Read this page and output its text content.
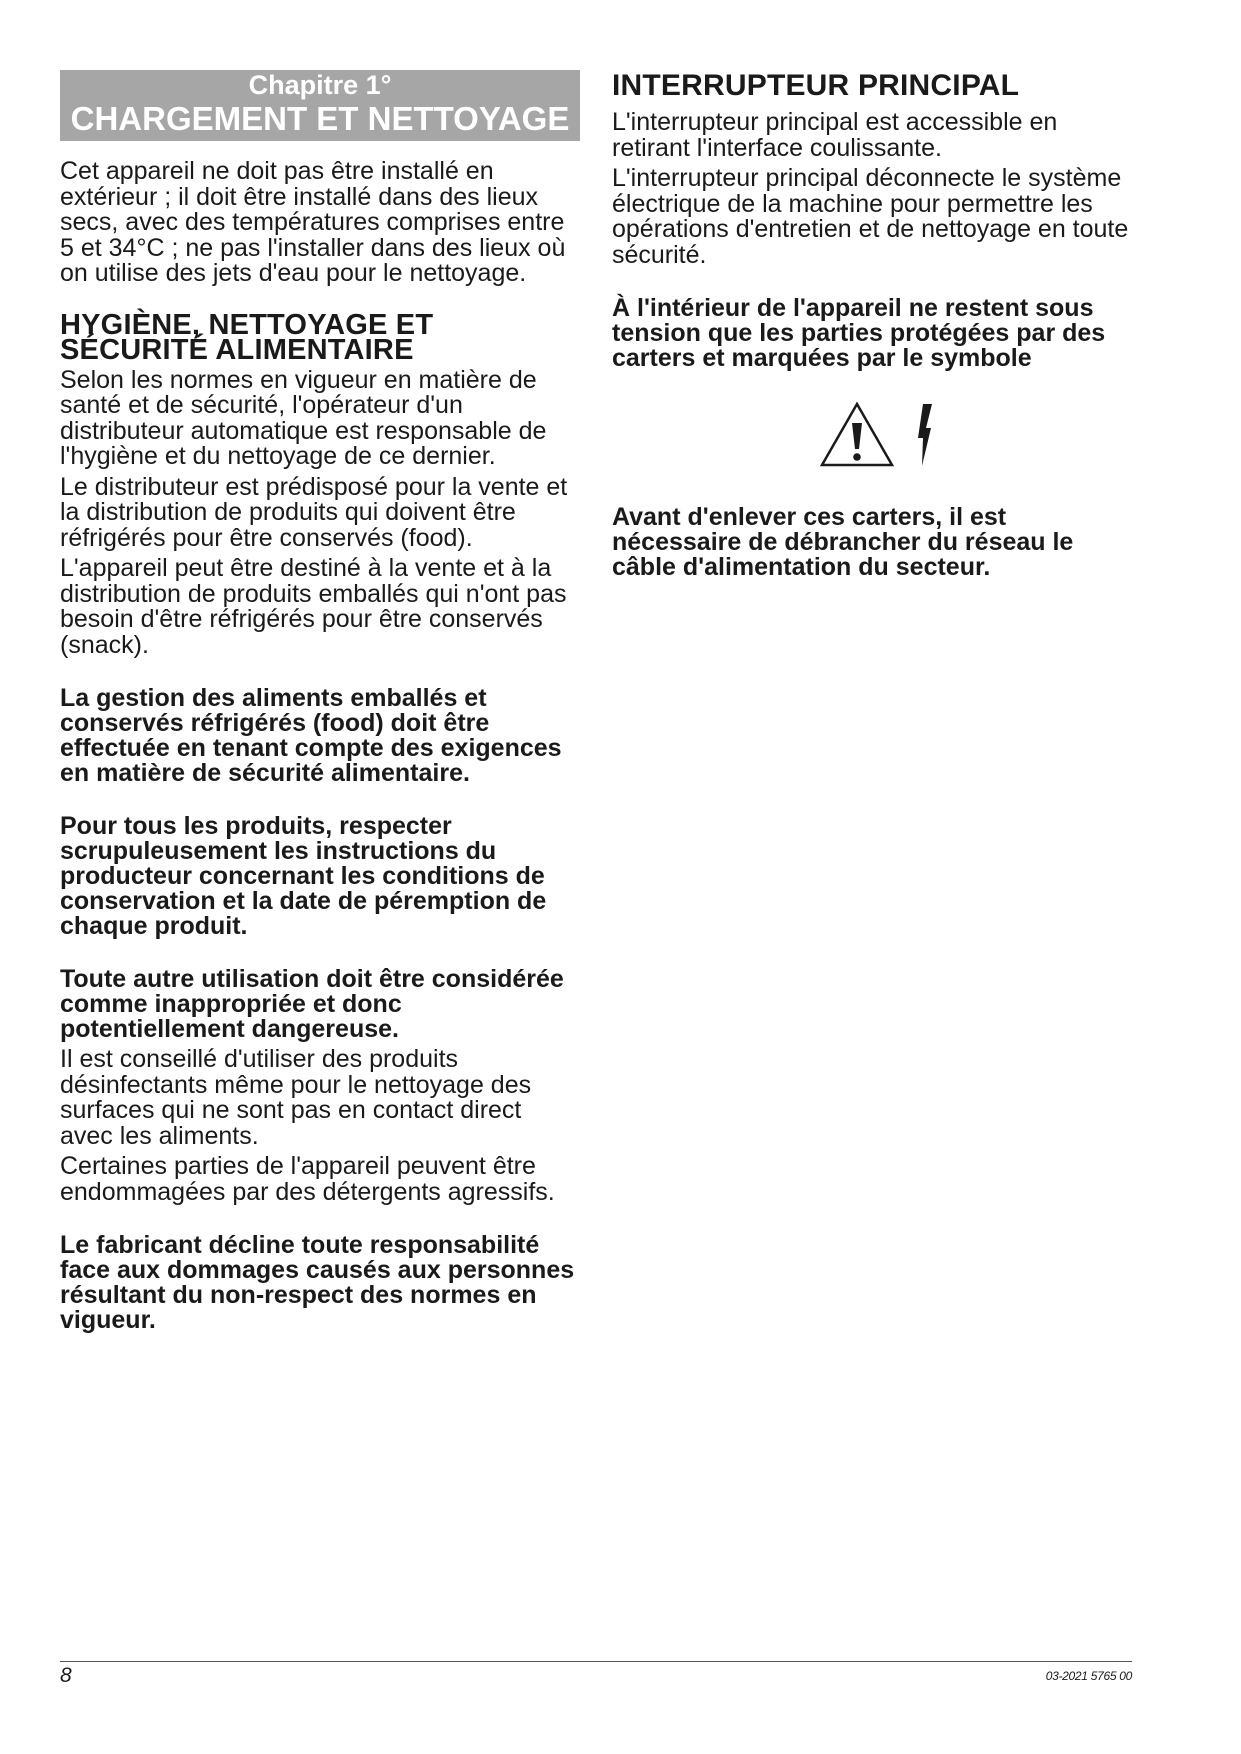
Chapitre 1°
CHARGEMENT ET NETTOYAGE

Cet appareil ne doit pas être installé en extérieur ; il doit être installé dans des lieux secs, avec des températures comprises entre 5 et 34°C ; ne pas l'installer dans des lieux où on utilise des jets d'eau pour le nettoyage.

HYGIÈNE, NETTOYAGE ET SÉCURITÉ ALIMENTAIRE

Selon les normes en vigueur en matière de santé et de sécurité, l'opérateur d'un distributeur automatique est responsable de l'hygiène et du nettoyage de ce dernier.

Le distributeur est prédisposé pour la vente et la distribution de produits qui doivent être réfrigérés pour être conservés (food).

L'appareil peut être destiné à la vente et à la distribution de produits emballés qui n'ont pas besoin d'être réfrigérés pour être conservés (snack).

La gestion des aliments emballés et conservés réfrigérés (food) doit être effectuée en tenant compte des exigences en matière de sécurité alimentaire.

Pour tous les produits, respecter scrupuleusement les instructions du producteur concernant les conditions de conservation et la date de péremption de chaque produit.

Toute autre utilisation doit être considérée comme inappropriée et donc potentiellement dangereuse.

Il est conseillé d'utiliser des produits désinfectants même pour le nettoyage des surfaces qui ne sont pas en contact direct avec les aliments.

Certaines parties de l'appareil peuvent être endommagées par des détergents agressifs.

Le fabricant décline toute responsabilité face aux dommages causés aux personnes résultant du non-respect des normes en vigueur.

INTERRUPTEUR PRINCIPAL

L'interrupteur principal est accessible en retirant l'interface coulissante.

L'interrupteur principal déconnecte le système électrique de la machine pour permettre les opérations d'entretien et de nettoyage en toute sécurité.

À l'intérieur de l'appareil ne restent sous tension que les parties protégées par des carters et marquées par le symbole

Avant d'enlever ces carters, il est nécessaire de débrancher du réseau le câble d'alimentation du secteur.

8	03-2021 5765 00
